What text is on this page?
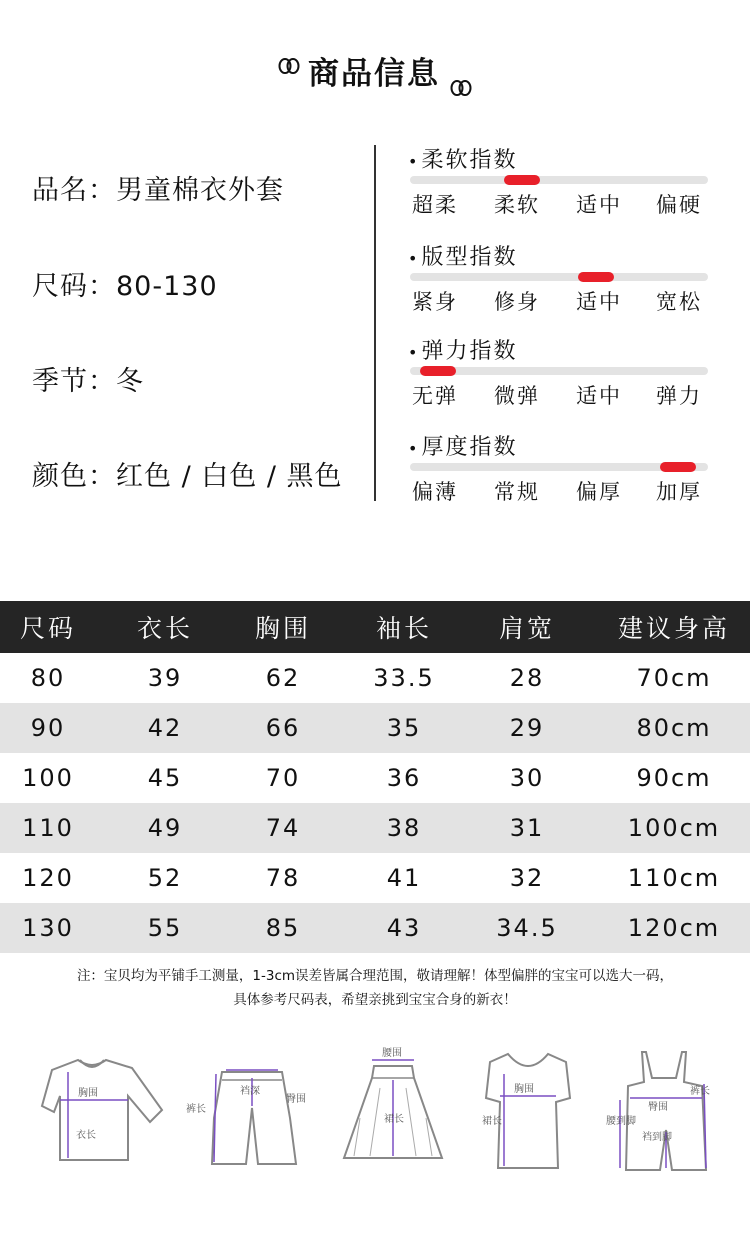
商品信息
品名：男童棉衣外套
尺码：80-130
季节：冬
颜色：红色 / 白色 / 黑色
•柔软指数
超柔 柔软 适中 偏硬
•版型指数
紧身 修身 适中 宽松
•弹力指数
无弹 微弹 适中 弹力
•厚度指数
偏薄 常规 偏厚 加厚
尺码	衣长	胸围	袖长	肩宽	建议身高
80	39	62	33.5	28	70cm
90	42	66	35	29	80cm
100	45	70	36	30	90cm
110	49	74	38	31	100cm
120	52	78	41	32	110cm
130	55	85	43	34.5	120cm
注：宝贝均为平铺手工测量，1-3cm误差皆属合理范围，敬请理解！体型偏胖的宝宝可以选大一码，
具体参考尺码表，希望亲挑到宝宝合身的新衣！
胸围
衣长
裆深
裤长
臀围
腰围
裙长
胸围
裙长
臀围
裤长
腰到脚
裆到脚
